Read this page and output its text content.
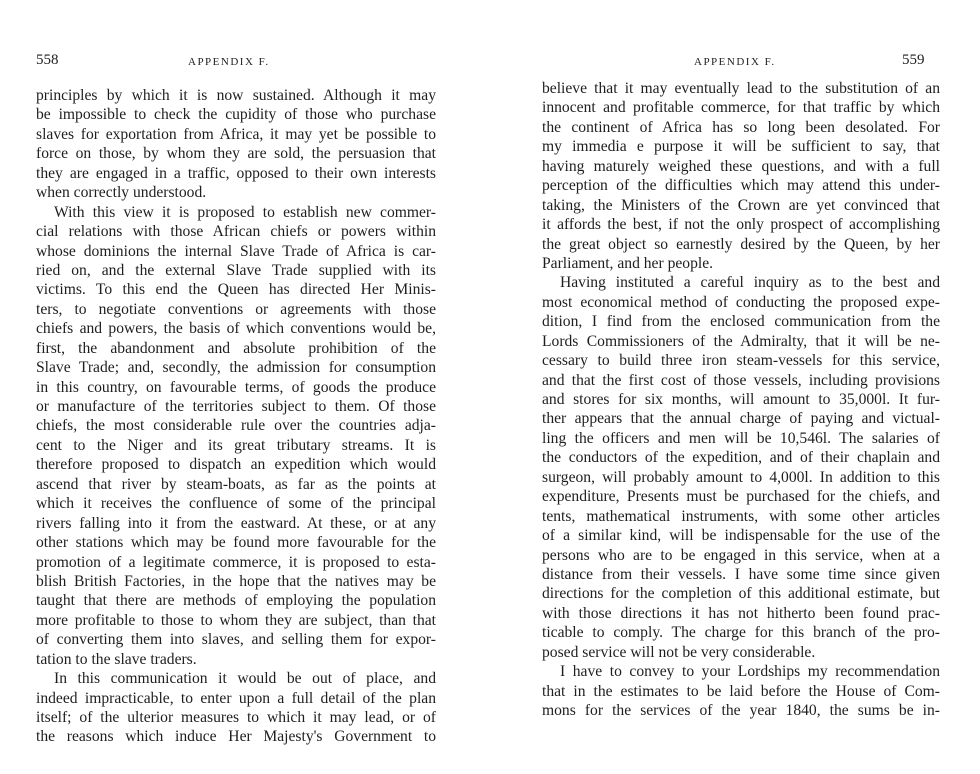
558	APPENDIX F.
principles by which it is now sustained. Although it may
be impossible to check the cupidity of those who purchase
slaves for exportation from Africa, it may yet be possible to
force on those, by whom they are sold, the persuasion that
they are engaged in a traffic, opposed to their own interests
when correctly understood.
With this view it is proposed to establish new commer-
cial relations with those African chiefs or powers within
whose dominions the internal Slave Trade of Africa is car-
ried on, and the external Slave Trade supplied with its
victims. To this end the Queen has directed Her Minis-
ters, to negotiate conventions or agreements with those
chiefs and powers, the basis of which conventions would be,
first, the abandonment and absolute prohibition of the
Slave Trade; and, secondly, the admission for consumption
in this country, on favourable terms, of goods the produce
or manufacture of the territories subject to them. Of those
chiefs, the most considerable rule over the countries adja-
cent to the Niger and its great tributary streams. It is
therefore proposed to dispatch an expedition which would
ascend that river by steam-boats, as far as the points at
which it receives the confluence of some of the principal
rivers falling into it from the eastward. At these, or at any
other stations which may be found more favourable for the
promotion of a legitimate commerce, it is proposed to esta-
blish British Factories, in the hope that the natives may be
taught that there are methods of employing the population
more profitable to those to whom they are subject, than that
of converting them into slaves, and selling them for expor-
tation to the slave traders.
In this communication it would be out of place, and
indeed impracticable, to enter upon a full detail of the plan
itself; of the ulterior measures to which it may lead, or of
the reasons which induce Her Majesty's Government to
APPENDIX F.	559
believe that it may eventually lead to the substitution of an
innocent and profitable commerce, for that traffic by which
the continent of Africa has so long been desolated. For
my immedia e purpose it will be sufficient to say, that
having maturely weighed these questions, and with a full
perception of the difficulties which may attend this under-
taking, the Ministers of the Crown are yet convinced that
it affords the best, if not the only prospect of accomplishing
the great object so earnestly desired by the Queen, by her
Parliament, and her people.
Having instituted a careful inquiry as to the best and
most economical method of conducting the proposed expe-
dition, I find from the enclosed communication from the
Lords Commissioners of the Admiralty, that it will be ne-
cessary to build three iron steam-vessels for this service,
and that the first cost of those vessels, including provisions
and stores for six months, will amount to 35,000l. It fur-
ther appears that the annual charge of paying and victual-
ling the officers and men will be 10,546l. The salaries of
the conductors of the expedition, and of their chaplain and
surgeon, will probably amount to 4,000l. In addition to this
expenditure, Presents must be purchased for the chiefs, and
tents, mathematical instruments, with some other articles
of a similar kind, will be indispensable for the use of the
persons who are to be engaged in this service, when at a
distance from their vessels. I have some time since given
directions for the completion of this additional estimate, but
with those directions it has not hitherto been found prac-
ticable to comply. The charge for this branch of the pro-
posed service will not be very considerable.
I have to convey to your Lordships my recommendation
that in the estimates to be laid before the House of Com-
mons for the services of the year 1840, the sums be in-
